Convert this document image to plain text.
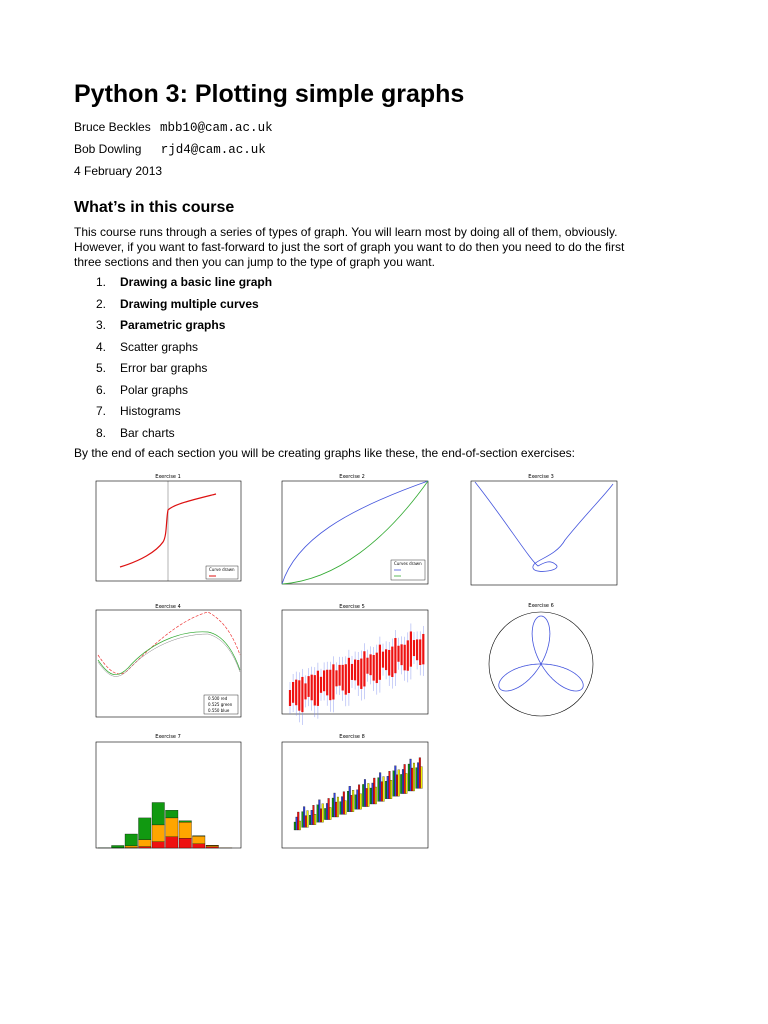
Python 3: Plotting simple graphs
Bruce Beckles mbb10@cam.ac.uk
Bob Dowling rjd4@cam.ac.uk
4 February 2013
What’s in this course

This course runs through a series of types of graph. You will learn most by doing all of them, obviously.
However, if you want to fast-forward to just the sort of graph you want to do then you need to do the first
three sections and then you can jump to the type of graph you want.

1. Drawing a basic line graph
2. Drawing multiple curves
3. Parametric graphs
4. Scatter graphs
5. Error bar graphs
6. Polar graphs
7. Histograms
8. Bar charts

By the end of each section you will be creating graphs like these, the end-of-section exercises:

Exercise 1
Curve drawn
Exercise 2
Curves drawn
Exercise 3
Exercise 4
0.500 red
0.525 green
0.550 blue
Exercise 5	Exercise 6
Exercise 7	Exercise 8
